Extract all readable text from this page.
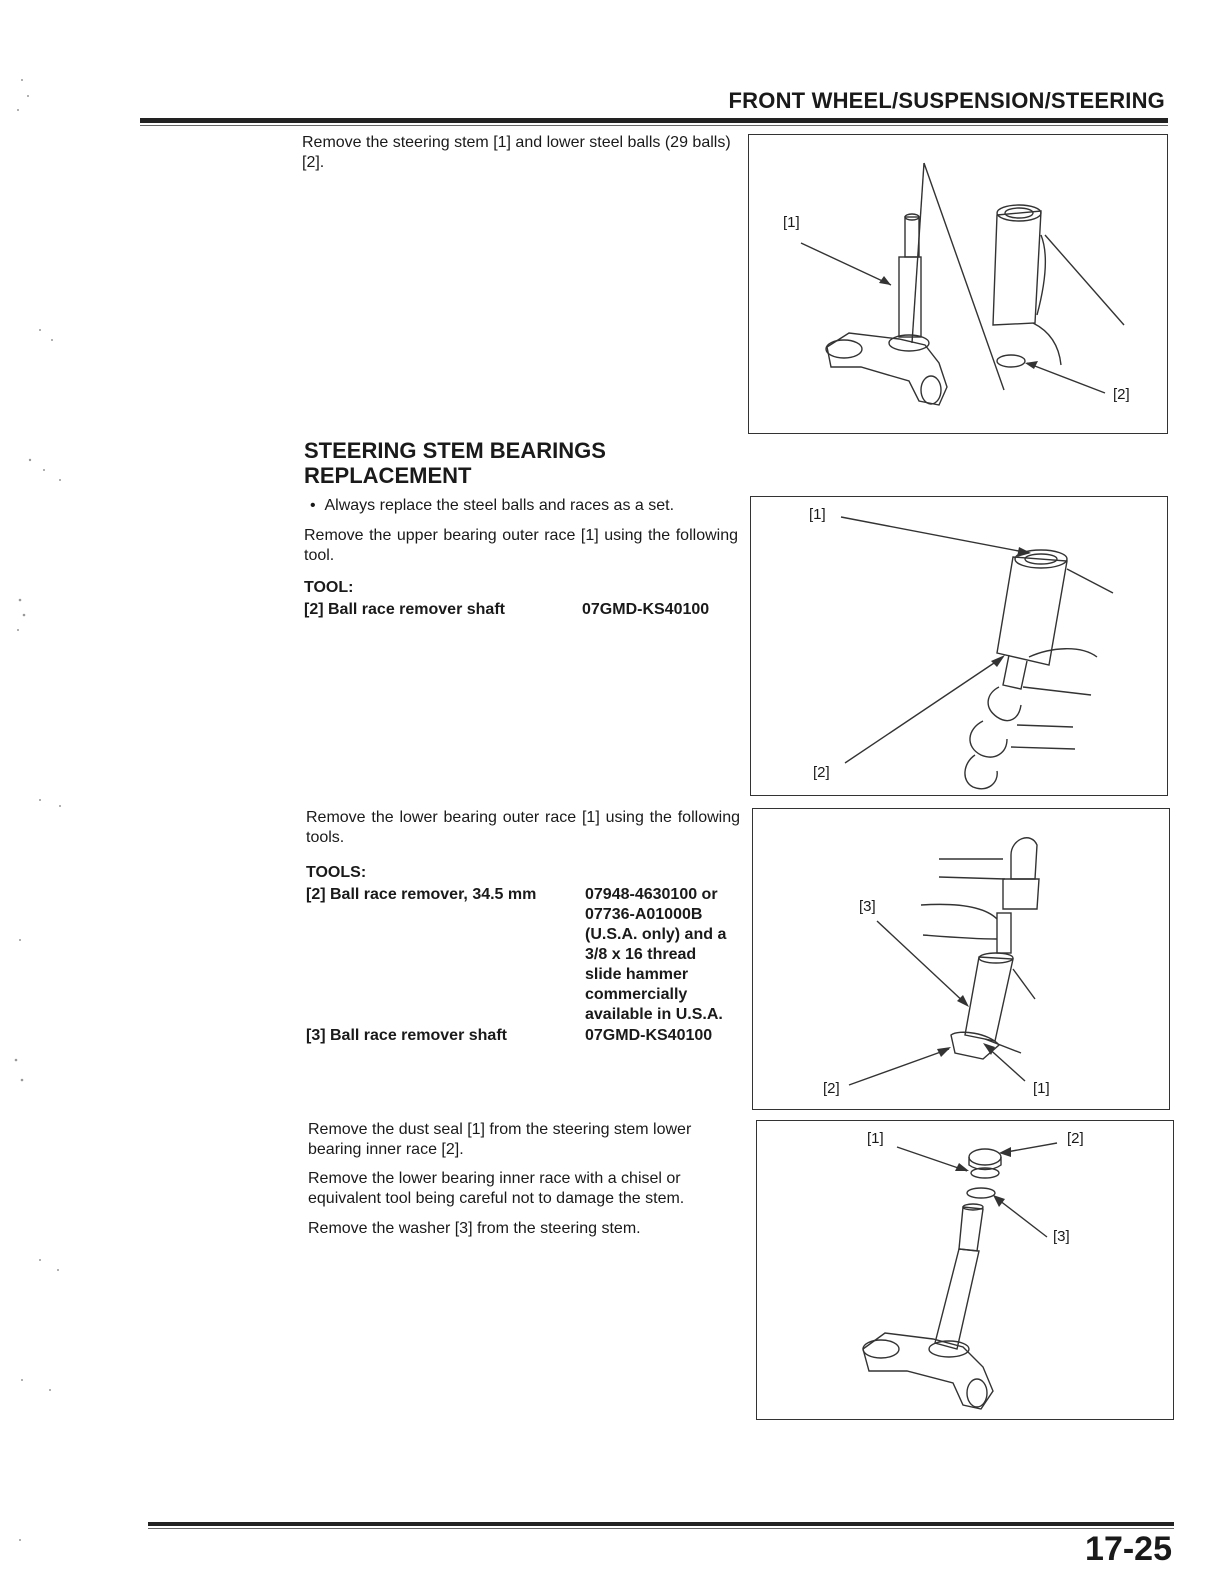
FRONT WHEEL/SUSPENSION/STEERING
Remove the steering stem [1] and lower steel balls (29 balls) [2].
[1]
[2]
STEERING STEM BEARINGS
REPLACEMENT
•  Always replace the steel balls and races as a set.
Remove the upper bearing outer race [1] using the following tool.
TOOL:
[2] Ball race remover shaft	07GMD-KS40100
[1]
[2]
Remove the lower bearing outer race [1] using the following tools.
TOOLS:
[2] Ball race remover, 34.5 mm	07948-4630100 or
07736-A01000B
(U.S.A. only) and a
3/8 x 16 thread
slide hammer
commercially
available in U.S.A.
[3] Ball race remover shaft	07GMD-KS40100
[3]
[2]	[1]
Remove the dust seal [1] from the steering stem lower bearing inner race [2].
Remove the lower bearing inner race with a chisel or equivalent tool being careful not to damage the stem.
Remove the washer [3] from the steering stem.
[1]	[2]
[3]
17-25
